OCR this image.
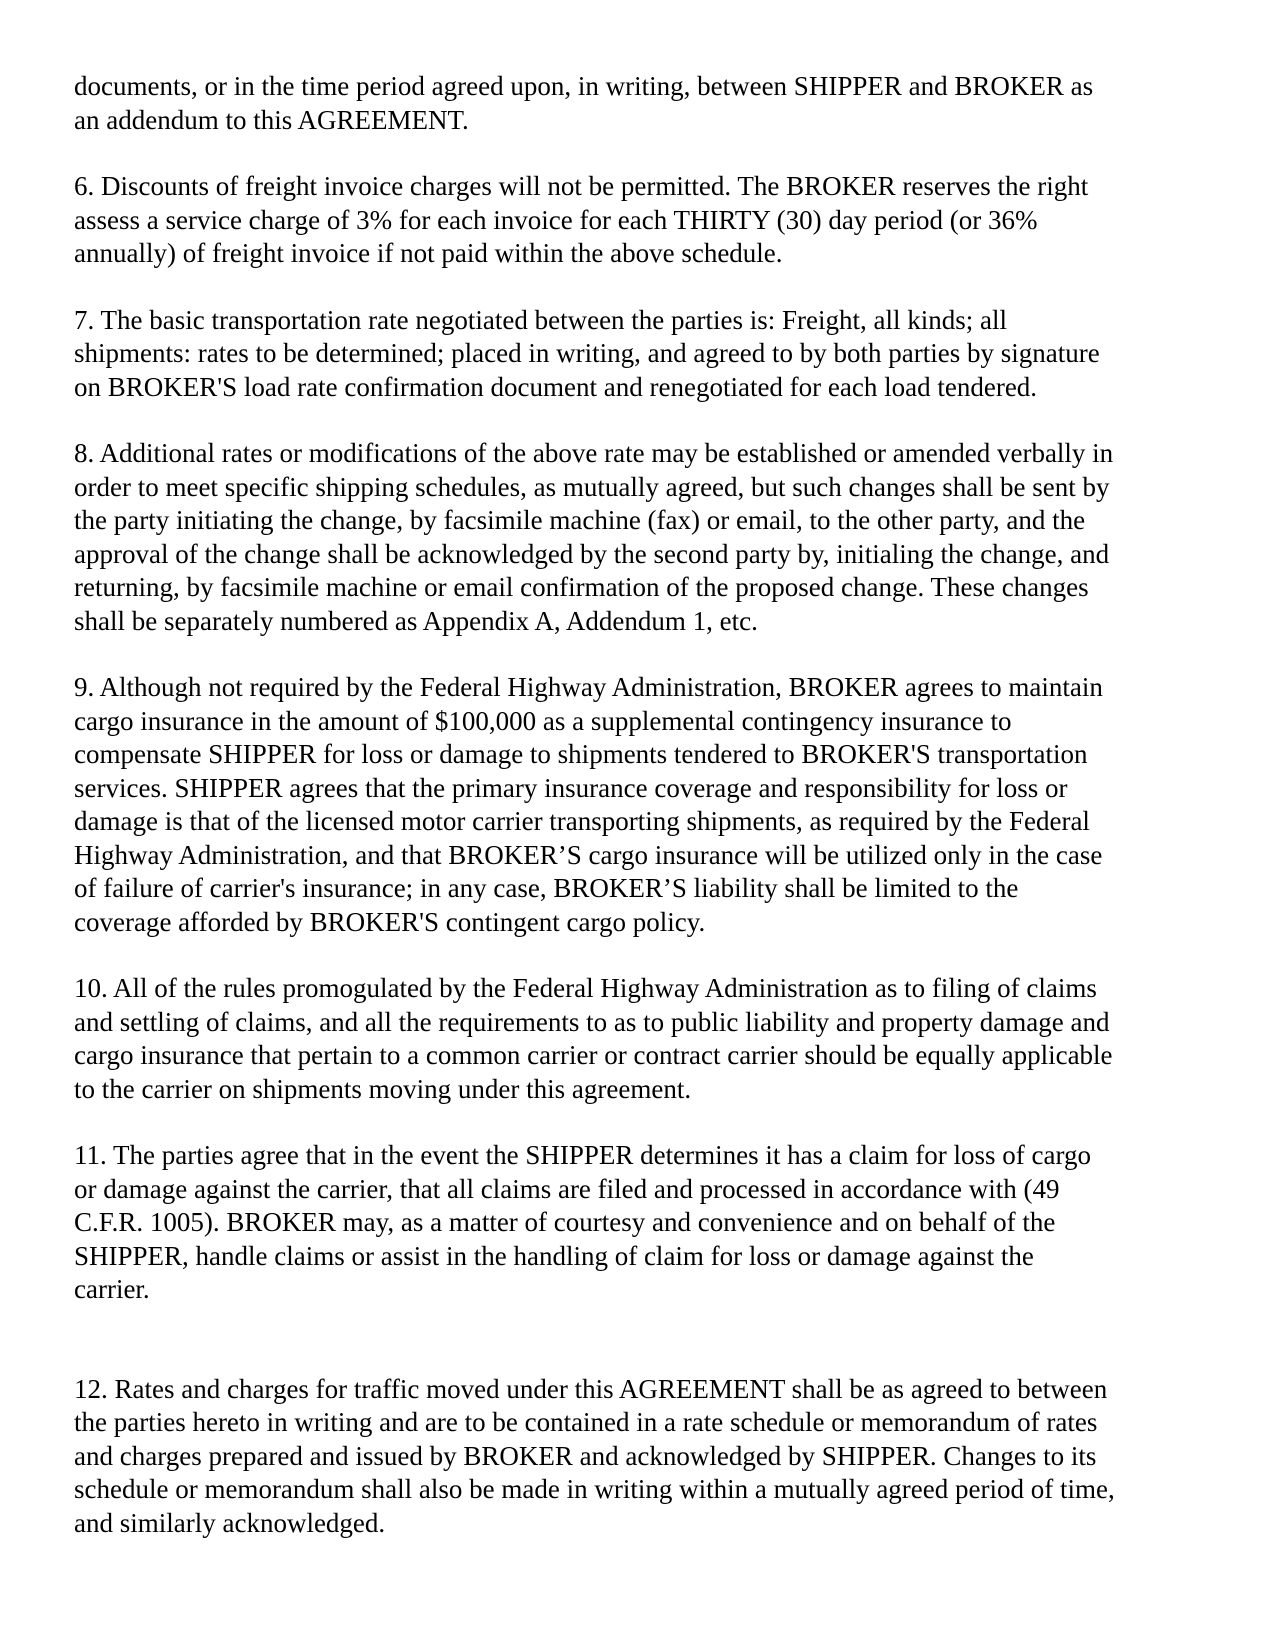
documents, or in the time period agreed upon, in writing, between SHIPPER and BROKER as
an addendum to this AGREEMENT.

6. Discounts of freight invoice charges will not be permitted. The BROKER reserves the right
assess a service charge of 3% for each invoice for each THIRTY (30) day period (or 36%
annually) of freight invoice if not paid within the above schedule.

7. The basic transportation rate negotiated between the parties is: Freight, all kinds; all
shipments: rates to be determined; placed in writing, and agreed to by both parties by signature
on BROKER'S load rate confirmation document and renegotiated for each load tendered.

8. Additional rates or modifications of the above rate may be established or amended verbally in
order to meet specific shipping schedules, as mutually agreed, but such changes shall be sent by
the party initiating the change, by facsimile machine (fax) or email, to the other party, and the
approval of the change shall be acknowledged by the second party by, initialing the change, and
returning, by facsimile machine or email confirmation of the proposed change. These changes
shall be separately numbered as Appendix A, Addendum 1, etc.

9. Although not required by the Federal Highway Administration, BROKER agrees to maintain
cargo insurance in the amount of $100,000 as a supplemental contingency insurance to
compensate SHIPPER for loss or damage to shipments tendered to BROKER'S transportation
services. SHIPPER agrees that the primary insurance coverage and responsibility for loss or
damage is that of the licensed motor carrier transporting shipments, as required by the Federal
Highway Administration, and that BROKER’S cargo insurance will be utilized only in the case
of failure of carrier's insurance; in any case, BROKER’S liability shall be limited to the
coverage afforded by BROKER'S contingent cargo policy.

10. All of the rules promogulated by the Federal Highway Administration as to filing of claims
and settling of claims, and all the requirements to as to public liability and property damage and
cargo insurance that pertain to a common carrier or contract carrier should be equally applicable
to the carrier on shipments moving under this agreement.

11. The parties agree that in the event the SHIPPER determines it has a claim for loss of cargo
or damage against the carrier, that all claims are filed and processed in accordance with (49
C.F.R. 1005). BROKER may, as a matter of courtesy and convenience and on behalf of the
SHIPPER, handle claims or assist in the handling of claim for loss or damage against the
carrier.

12. Rates and charges for traffic moved under this AGREEMENT shall be as agreed to between
the parties hereto in writing and are to be contained in a rate schedule or memorandum of rates
and charges prepared and issued by BROKER and acknowledged by SHIPPER. Changes to its
schedule or memorandum shall also be made in writing within a mutually agreed period of time,
and similarly acknowledged.
